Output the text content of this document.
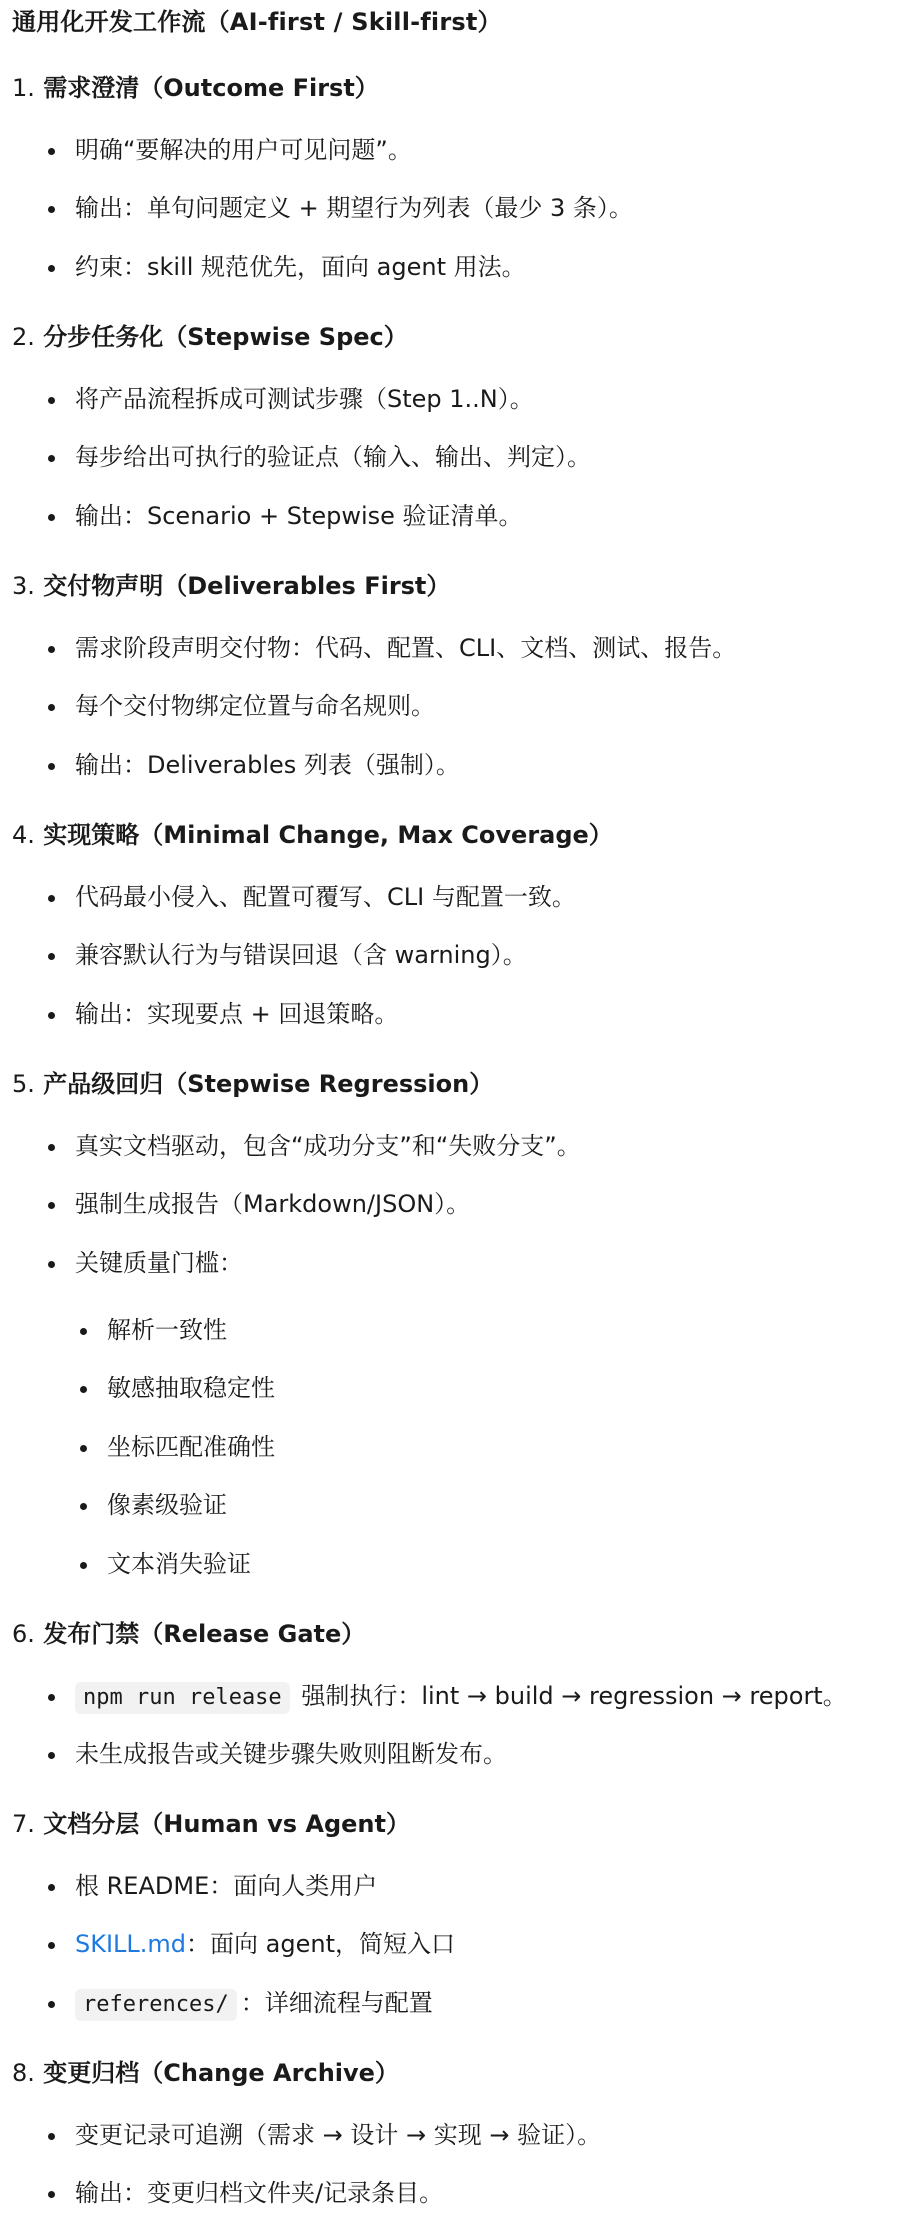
通用化开发工作流（AI-first / Skill-first）
1. 需求澄清（Outcome First）
明确“要解决的用户可见问题”。
输出：单句问题定义 + 期望行为列表（最少 3 条）。
约束：skill 规范优先，面向 agent 用法。
2. 分步任务化（Stepwise Spec）
将产品流程拆成可测试步骤（Step 1..N）。
每步给出可执行的验证点（输入、输出、判定）。
输出：Scenario + Stepwise 验证清单。
3. 交付物声明（Deliverables First）
需求阶段声明交付物：代码、配置、CLI、文档、测试、报告。
每个交付物绑定位置与命名规则。
输出：Deliverables 列表（强制）。
4. 实现策略（Minimal Change, Max Coverage）
代码最小侵入、配置可覆写、CLI 与配置一致。
兼容默认行为与错误回退（含 warning）。
输出：实现要点 + 回退策略。
5. 产品级回归（Stepwise Regression）
真实文档驱动，包含“成功分支”和“失败分支”。
强制生成报告（Markdown/JSON）。
关键质量门槛：
解析一致性
敏感抽取稳定性
坐标匹配准确性
像素级验证
文本消失验证
6. 发布门禁（Release Gate）
npm run release 强制执行：lint → build → regression → report。
未生成报告或关键步骤失败则阻断发布。
7. 文档分层（Human vs Agent）
根 README：面向人类用户
SKILL.md：面向 agent，简短入口
references/ ：详细流程与配置
8. 变更归档（Change Archive）
变更记录可追溯（需求 → 设计 → 实现 → 验证）。
输出：变更归档文件夹/记录条目。
